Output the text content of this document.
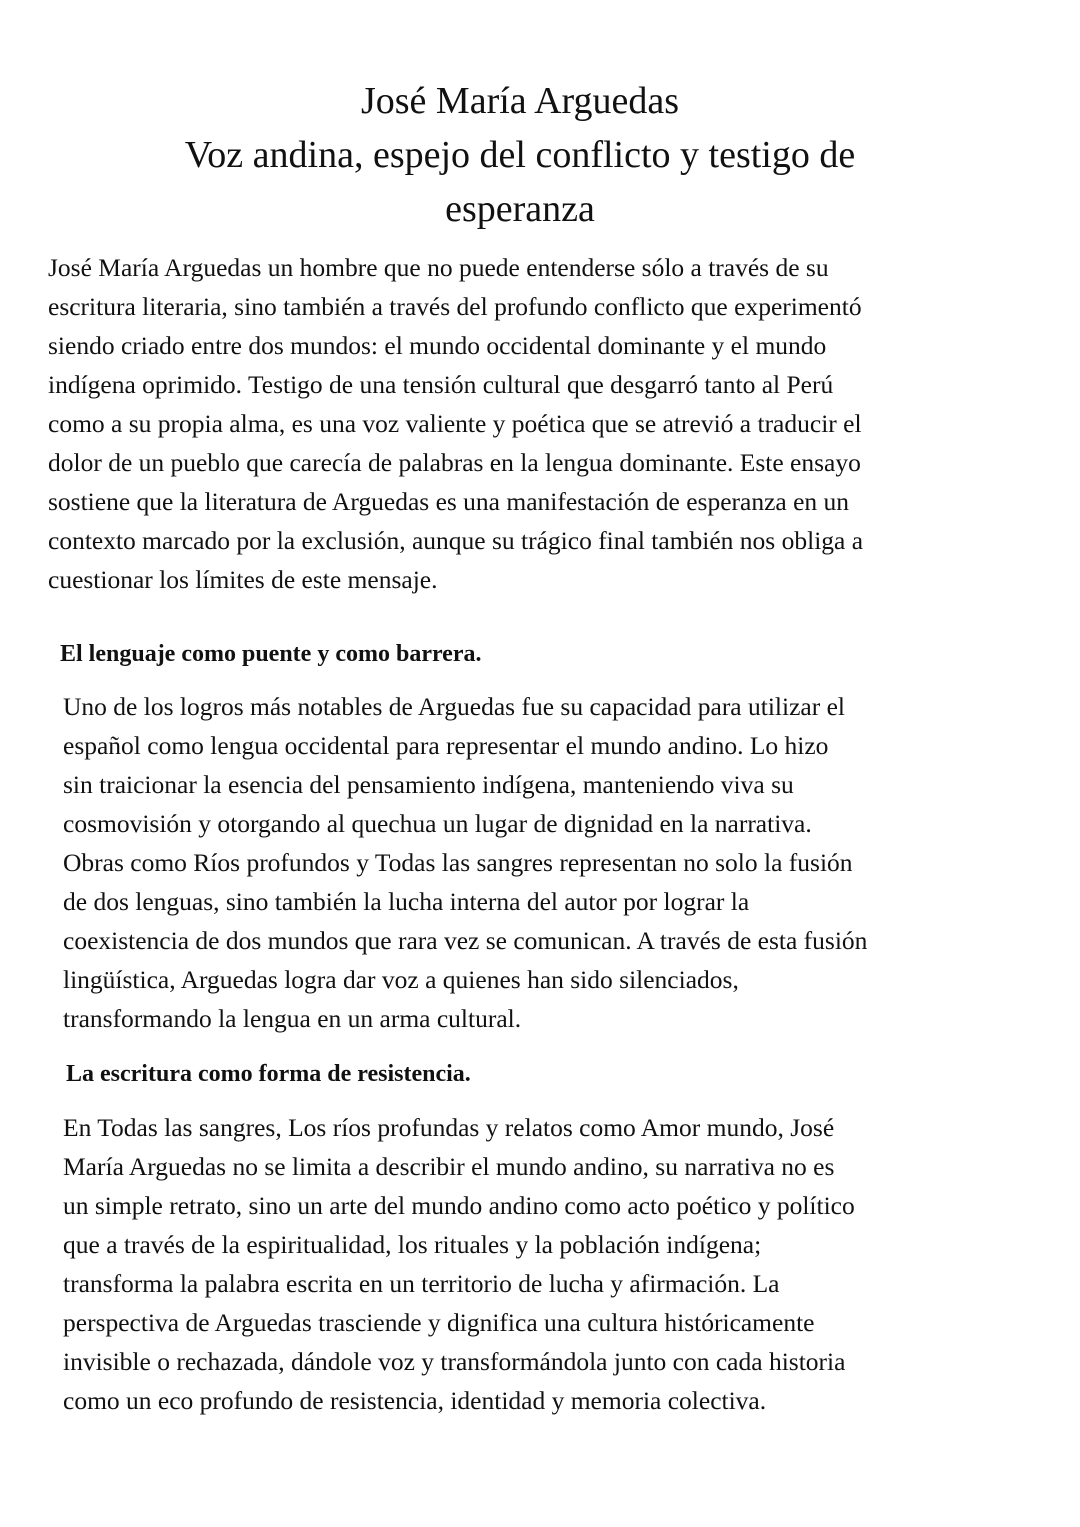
José María Arguedas
Voz andina, espejo del conflicto y testigo de
esperanza
José María Arguedas un hombre que no puede entenderse sólo a través de su
escritura literaria, sino también a través del profundo conflicto que experimentó
siendo criado entre dos mundos: el mundo occidental dominante y el mundo
indígena oprimido. Testigo de una tensión cultural que desgarró tanto al Perú
como a su propia alma, es una voz valiente y poética que se atrevió a traducir el
dolor de un pueblo que carecía de palabras en la lengua dominante. Este ensayo
sostiene que la literatura de Arguedas es una manifestación de esperanza en un
contexto marcado por la exclusión, aunque su trágico final también nos obliga a
cuestionar los límites de este mensaje.
El lenguaje como puente y como barrera.
Uno de los logros más notables de Arguedas fue su capacidad para utilizar el
español como lengua occidental para representar el mundo andino. Lo hizo
sin traicionar la esencia del pensamiento indígena, manteniendo viva su
cosmovisión y otorgando al quechua un lugar de dignidad en la narrativa.
Obras como Ríos profundos y Todas las sangres representan no solo la fusión
de dos lenguas, sino también la lucha interna del autor por lograr la
coexistencia de dos mundos que rara vez se comunican. A través de esta fusión
lingüística, Arguedas logra dar voz a quienes han sido silenciados,
transformando la lengua en un arma cultural.
La escritura como forma de resistencia.
En Todas las sangres, Los ríos profundas y relatos como Amor mundo, José
María Arguedas no se limita a describir el mundo andino, su narrativa no es
un simple retrato, sino un arte del mundo andino como acto poético y político
que a través de la espiritualidad, los rituales y la población indígena;
transforma la palabra escrita en un territorio de lucha y afirmación. La
perspectiva de Arguedas trasciende y dignifica una cultura históricamente
invisible o rechazada, dándole voz y transformándola junto con cada historia
como un eco profundo de resistencia, identidad y memoria colectiva.
